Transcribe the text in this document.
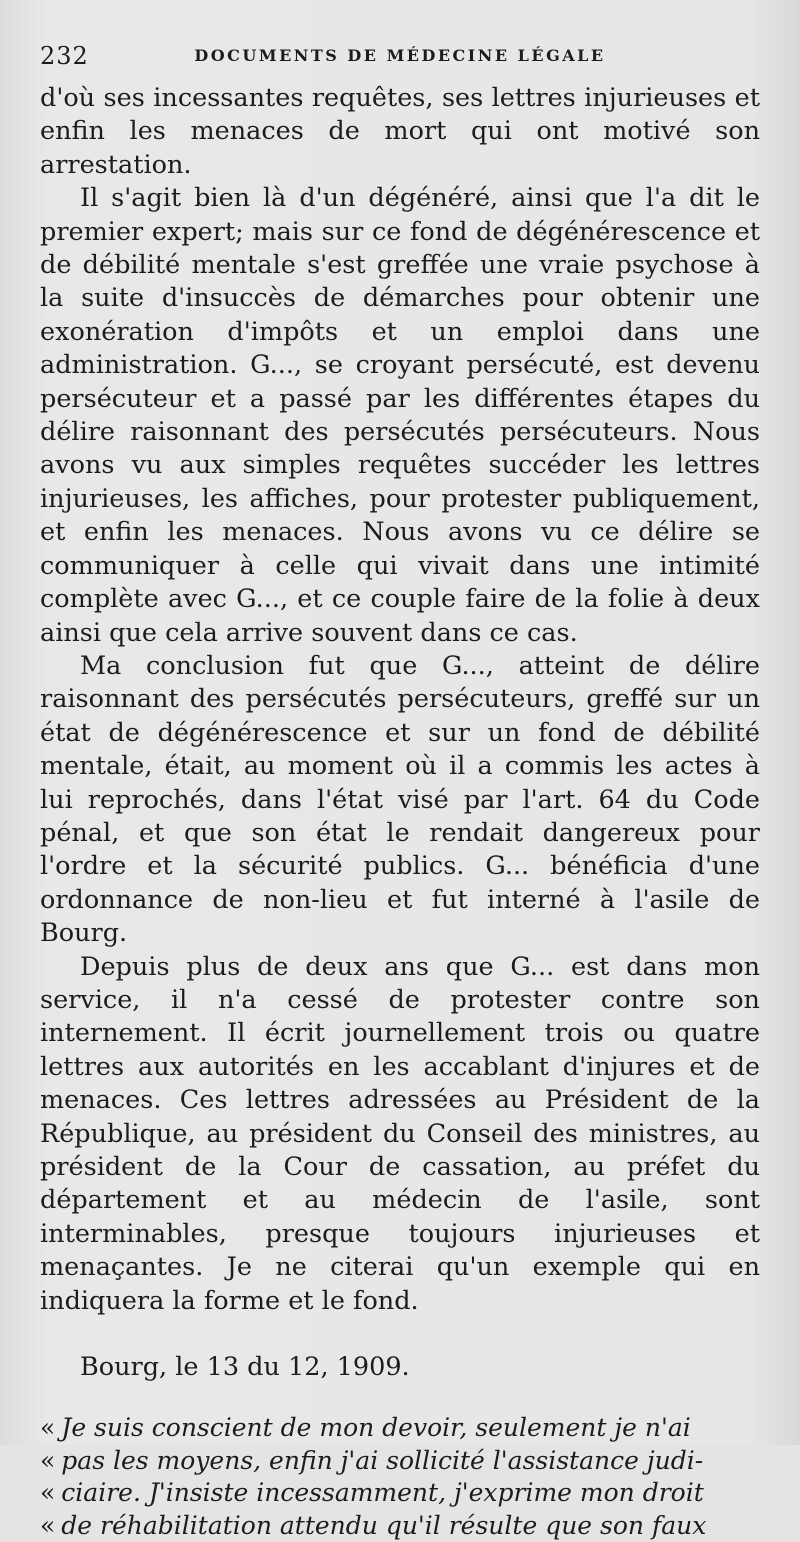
232	DOCUMENTS DE MÉDECINE LÉGALE

d'où ses incessantes requêtes, ses lettres injurieuses et enfin les menaces de mort qui ont motivé son arrestation.

Il s'agit bien là d'un dégénéré, ainsi que l'a dit le premier expert; mais sur ce fond de dégénérescence et de débilité mentale s'est greffée une vraie psychose à la suite d'insuccès de démarches pour obtenir une exonération d'impôts et un emploi dans une administration. G..., se croyant persécuté, est devenu persécuteur et a passé par les différentes étapes du délire raisonnant des persécutés persécuteurs. Nous avons vu aux simples requêtes succéder les lettres injurieuses, les affiches, pour protester publiquement, et enfin les menaces. Nous avons vu ce délire se communiquer à celle qui vivait dans une intimité complète avec G..., et ce couple faire de la folie à deux ainsi que cela arrive souvent dans ce cas.

Ma conclusion fut que G..., atteint de délire raisonnant des persécutés persécuteurs, greffé sur un état de dégénérescence et sur un fond de débilité mentale, était, au moment où il a commis les actes à lui reprochés, dans l'état visé par l'art. 64 du Code pénal, et que son état le rendait dangereux pour l'ordre et la sécurité publics. G... bénéficia d'une ordonnance de non-lieu et fut interné à l'asile de Bourg.

Depuis plus de deux ans que G... est dans mon service, il n'a cessé de protester contre son internement. Il écrit journellement trois ou quatre lettres aux autorités en les accablant d'injures et de menaces. Ces lettres adressées au Président de la République, au président du Conseil des ministres, au président de la Cour de cassation, au préfet du département et au médecin de l'asile, sont interminables, presque toujours injurieuses et menaçantes. Je ne citerai qu'un exemple qui en indiquera la forme et le fond.

Bourg, le 13 du 12, 1909.

« Je suis conscient de mon devoir, seulement je n'ai
« pas les moyens, enfin j'ai sollicité l'assistance judi-
« ciaire. J'insiste incessamment, j'exprime mon droit
« de réhabilitation attendu qu'il résulte que son faux
